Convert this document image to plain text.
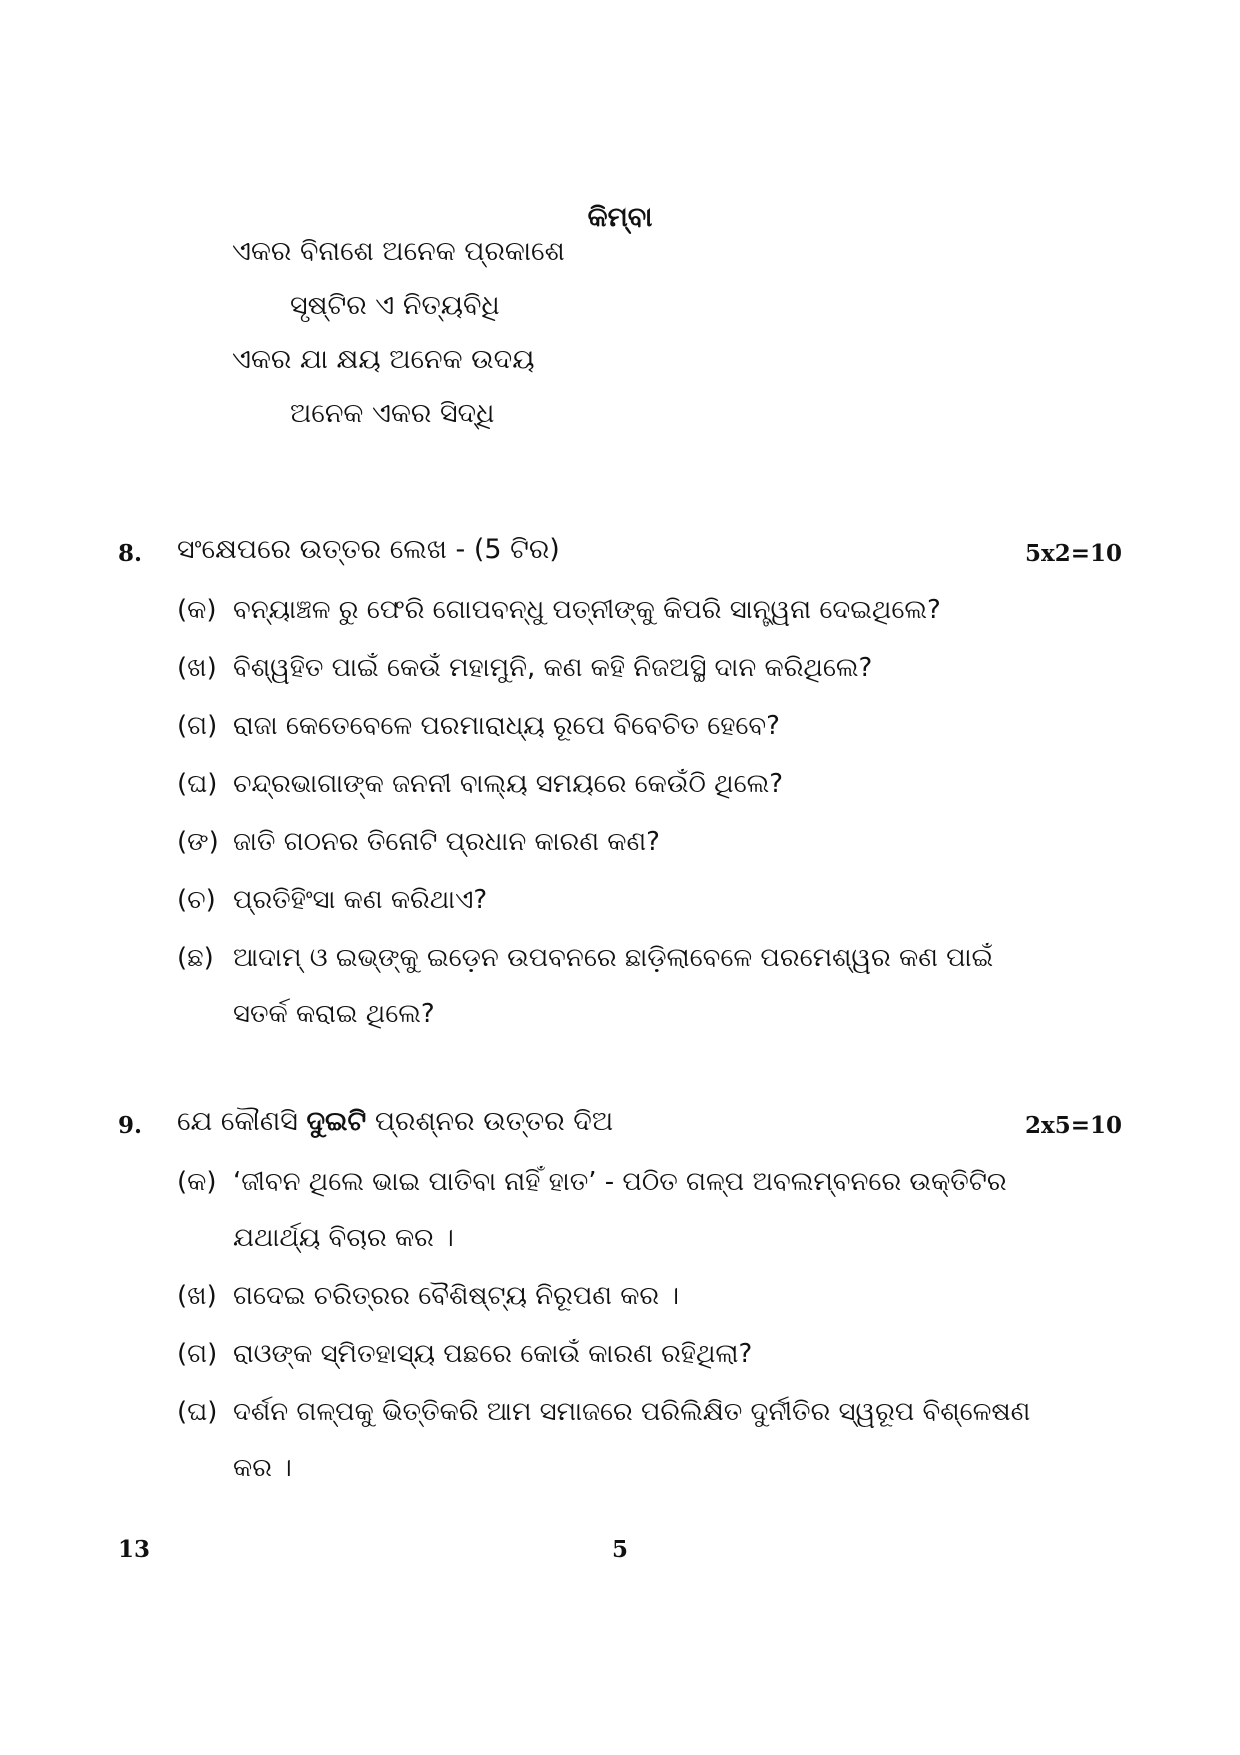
କିମ୍ବା
ଏକର ବିନାଶେ ଅନେକ ପ୍ରକାଶେ
ସୃଷ୍ଟିର ଏ ନିତ୍ୟବିଧି
ଏକର ଯା କ୍ଷୟ ଅନେକ ଉଦୟ
ଅନେକ ଏକର ସିଦ୍ଧି
8. ସଂକ୍ଷେପରେ ଉତ୍ତର ଲେଖ - (5 ଟିର)	5x2=10
(କ) ବନ୍ୟାଞ୍ଚଳ ରୁ ଫେରି ଗୋପବନ୍ଧୁ ପତ୍ନୀଙ୍କୁ କିପରି ସାନ୍ତ୍ୱନା ଦେଇଥିଲେ?
(ଖ) ବିଶ୍ୱହିତ ପାଇଁ କେଉଁ ମହାମୁନି, କଣ କହି ନିଜଅସ୍ଥି ଦାନ କରିଥିଲେ?
(ଗ) ରାଜା କେତେବେଳେ ପରମାରାଧ୍ୟ ରୂପେ ବିବେଚିତ ହେବେ?
(ଘ) ଚନ୍ଦ୍ରଭାଗାଙ୍କ ଜନନୀ ବାଲ୍ୟ ସମୟରେ କେଉଁଠି ଥିଲେ?
(ଙ) ଜାତି ଗଠନର ତିନୋଟି ପ୍ରଧାନ କାରଣ କଣ?
(ଚ) ପ୍ରତିହିଂସା କଣ କରିଥାଏ?
(ଛ) ଆଦାମ୍ ଓ ଇଭ୍‌ଙ୍କୁ ଇଡ଼େନ ଉପବନରେ ଛାଡ଼ିଲାବେଳେ ପରମେଶ୍ୱର କଣ ପାଇଁ
ସତର୍କ କରାଇ ଥିଲେ?
9. ଯେ କୌଣସି ଦୁଇଟି ପ୍ରଶ୍ନର ଉତ୍ତର ଦିଅ	2x5=10
(କ) ‘ଜୀବନ ଥିଲେ ଭାଇ ପାତିବା ନାହିଁ ହାତ’ - ପଠିତ ଗଳ୍ପ ଅବଲମ୍ବନରେ ଉକ୍ତିଟିର
ଯଥାର୍ଥ୍ୟ ବିଚାର କର ।
(ଖ) ଗଦେଇ ଚରିତ୍ରର ବୈଶିଷ୍ଟ୍ୟ ନିରୂପଣ କର ।
(ଗ) ରାଓଙ୍କ ସ୍ମିତହାସ୍ୟ ପଛରେ କୋଉଁ କାରଣ ରହିଥିଲା?
(ଘ) ଦର୍ଶନ ଗଳ୍ପକୁ ଭିତ୍ତିକରି ଆମ ସମାଜରେ ପରିଲିକ୍ଷିତ ଦୁର୍ନୀତିର ସ୍ୱରୂପ ବିଶ୍ଳେଷଣ
କର ।
13	5
